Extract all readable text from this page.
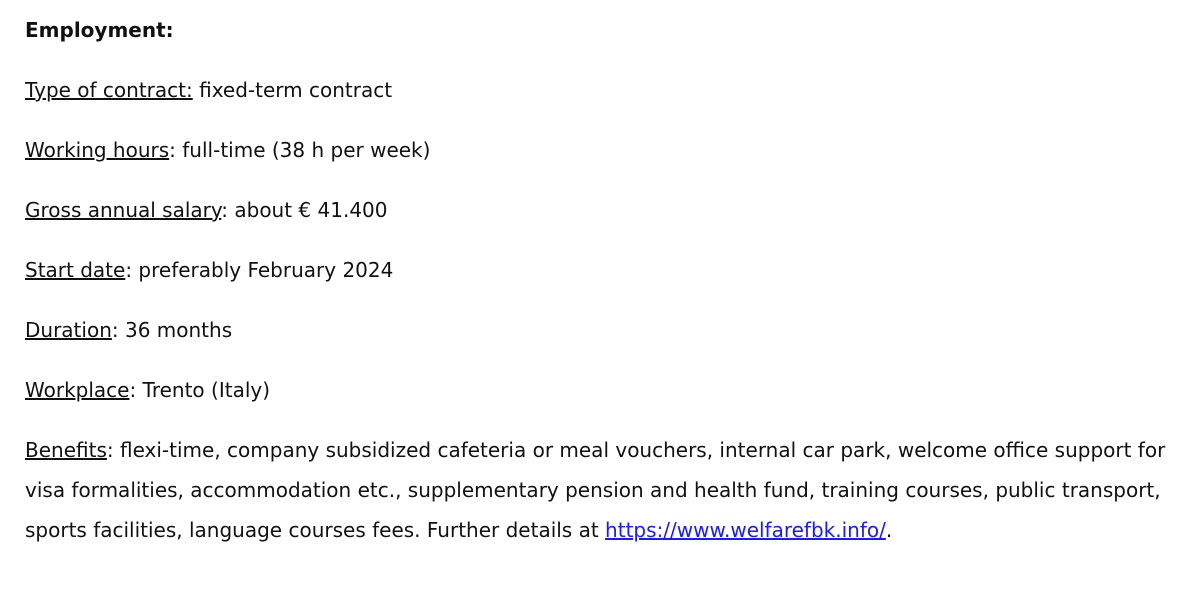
Employment:
Type of contract: fixed-term contract
Working hours: full-time (38 h per week)
Gross annual salary: about € 41.400
Start date: preferably February 2024
Duration: 36 months
Workplace: Trento (Italy)
Benefits: flexi-time, company subsidized cafeteria or meal vouchers, internal car park, welcome office support for visa formalities, accommodation etc., supplementary pension and health fund, training courses, public transport, sports facilities, language courses fees. Further details at https://www.welfarefbk.info/.
